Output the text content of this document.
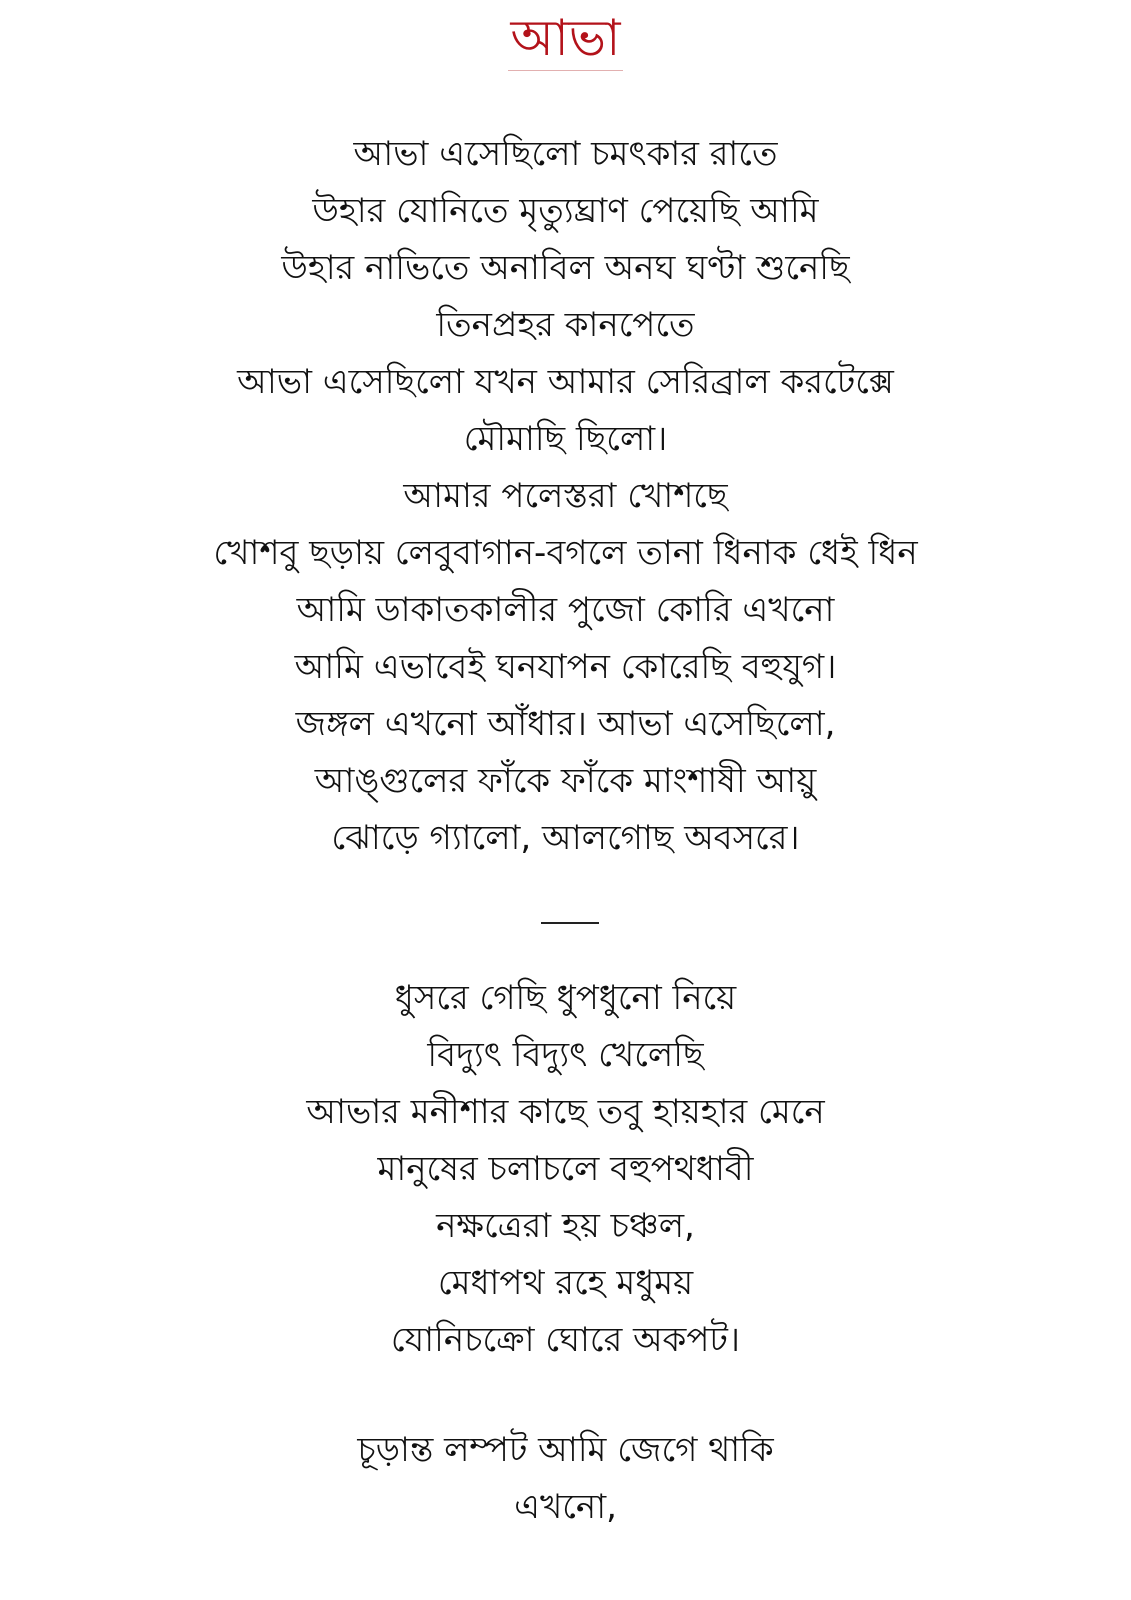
আভা
আভা এসেছিলো চমৎকার রাতে
উহার যোনিতে মৃত্যুঘ্রাণ পেয়েছি আমি
উহার নাভিতে অনাবিল অনঘ ঘণ্টা শুনেছি
তিনপ্রহর কানপেতে
আভা এসেছিলো যখন আমার সেরিব্রাল করটেক্সে
মৌমাছি ছিলো।
আমার পলেস্তরা খোশছে
খোশবু ছড়ায় লেবুবাগান-বগলে তানা ধিনাক ধেই ধিন
আমি ডাকাতকালীর পুজো কোরি এখনো
আমি এভাবেই ঘনযাপন কোরেছি বহুযুগ।
জঙ্গল এখনো আঁধার। আভা এসেছিলো,
আঙ্গুলের ফাঁকে ফাঁকে মাংশাষী আয়ু
ঝোড়ে গ্যালো, আলগোছ অবসরে।
ধুসরে গেছি ধুপধুনো নিয়ে
বিদ্যুৎ বিদ্যুৎ খেলেছি
আভার মনীশার কাছে তবু হায়হার মেনে
মানুষের চলাচলে বহুপথধাবী
নক্ষত্রেরা হয় চঞ্চল,
মেধাপথ রহে মধুময়
যোনিচক্রো ঘোরে অকপট।
চূড়ান্ত লম্পট আমি জেগে থাকি
এখনো,
